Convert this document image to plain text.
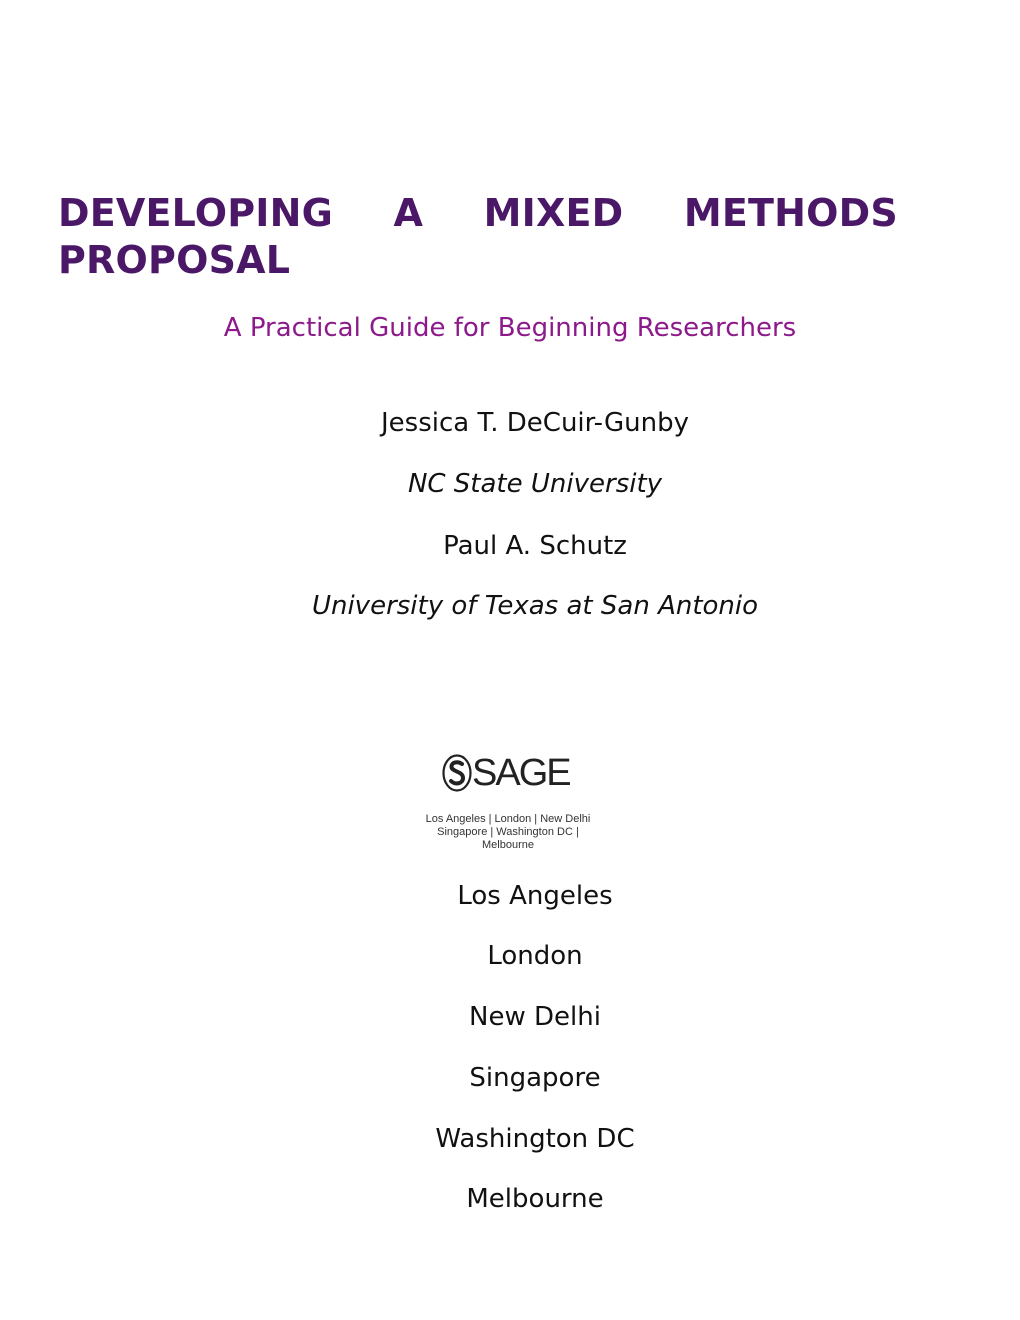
DEVELOPING A MIXED METHODS PROPOSAL
A Practical Guide for Beginning Researchers
Jessica T. DeCuir-Gunby
NC State University
Paul A. Schutz
University of Texas at San Antonio
SAGE
Los Angeles | London | New Delhi
Singapore | Washington DC | Melbourne
Los Angeles
London
New Delhi
Singapore
Washington DC
Melbourne
